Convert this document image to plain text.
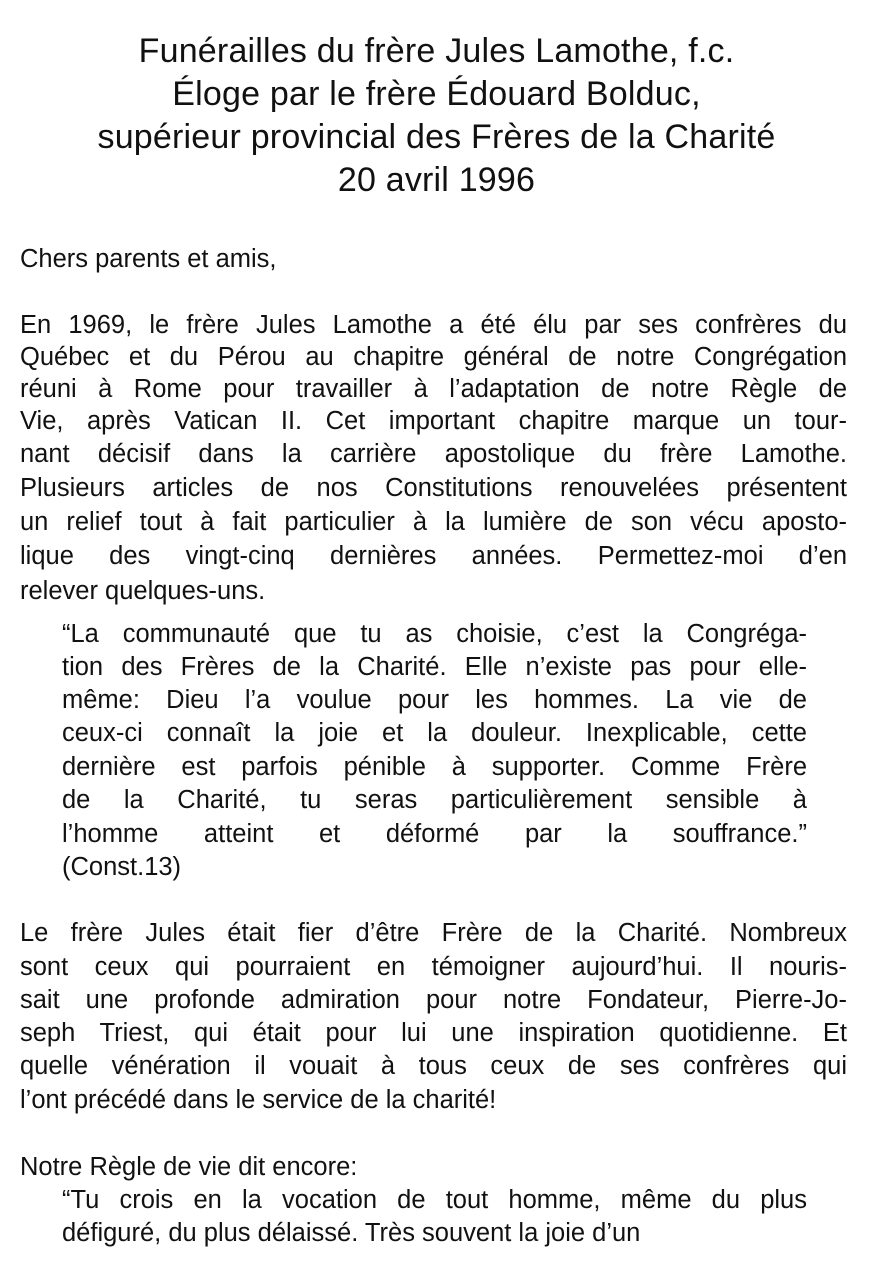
Funérailles du frère Jules Lamothe, f.c.
Éloge par le frère Édouard Bolduc,
supérieur provincial des Frères de la Charité
20 avril 1996
Chers parents et amis,
En 1969, le frère Jules Lamothe a été élu par ses confrères du
Québec et du Pérou au chapitre général de notre Congrégation
réuni à Rome pour travailler à l’adaptation de notre Règle de
Vie, après Vatican II. Cet important chapitre marque un tour-
nant décisif dans la carrière apostolique du frère Lamothe.
Plusieurs articles de nos Constitutions renouvelées présentent
un relief tout à fait particulier à la lumière de son vécu aposto-
lique des vingt-cinq dernières années. Permettez-moi d’en
relever quelques-uns.
“La communauté que tu as choisie, c’est la Congréga-
tion des Frères de la Charité. Elle n’existe pas pour elle-
même: Dieu l’a voulue pour les hommes. La vie de
ceux-ci connaît la joie et la douleur. Inexplicable, cette
dernière est parfois pénible à supporter. Comme Frère
de la Charité, tu seras particulièrement sensible à
l’homme atteint et déformé par la souffrance.”
(Const.13)
Le frère Jules était fier d’être Frère de la Charité. Nombreux
sont ceux qui pourraient en témoigner aujourd’hui. Il nouris-
sait une profonde admiration pour notre Fondateur, Pierre-Jo-
seph Triest, qui était pour lui une inspiration quotidienne. Et
quelle vénération il vouait à tous ceux de ses confrères qui
l’ont précédé dans le service de la charité!
Notre Règle de vie dit encore:
“Tu crois en la vocation de tout homme, même du plus
défiguré, du plus délaissé. Très souvent la joie d’un
